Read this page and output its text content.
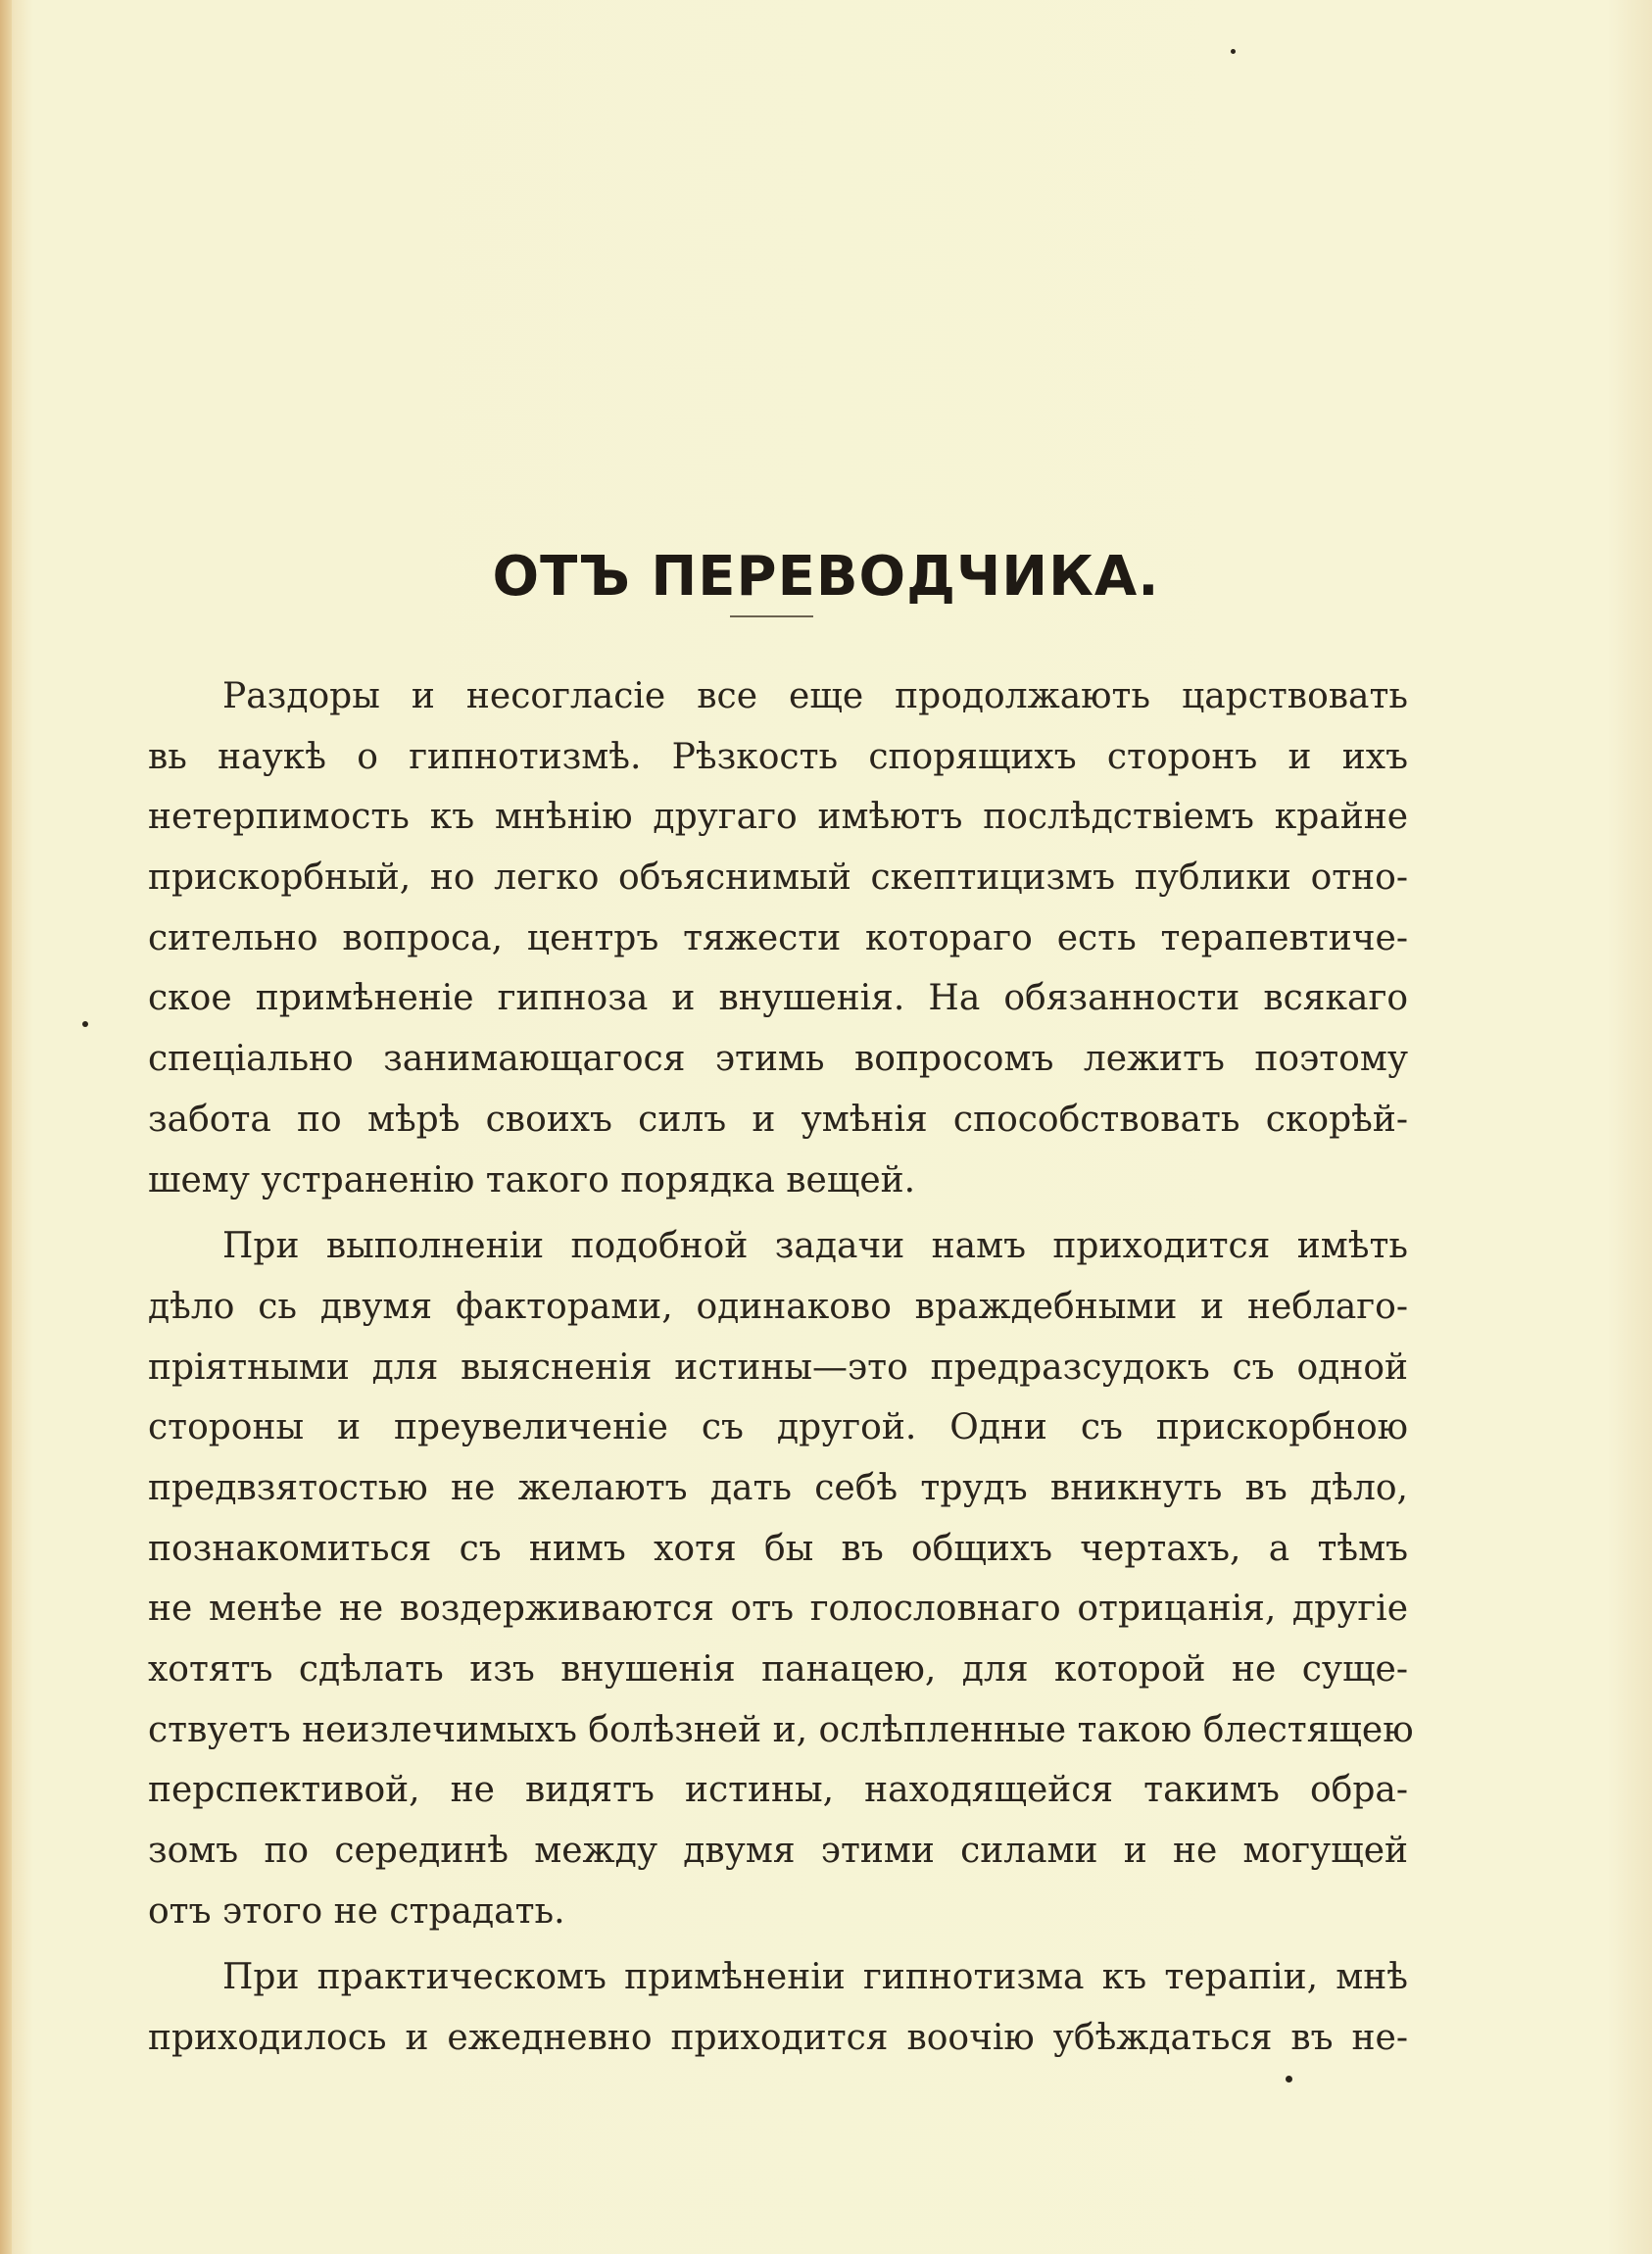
ОТЪ ПЕРЕВОДЧИКА.
Раздоры и несогласіе все еще продолжають царствовать
вь наукѣ о гипнотизмѣ. Рѣзкость спорящихъ сторонъ и ихъ
нетерпимость къ мнѣнію другаго имѣютъ послѣдствіемъ крайне
прискорбный, но легко объяснимый скептицизмъ публики отно-
сительно вопроса, центръ тяжести котораго есть терапевтиче-
ское примѣненіе гипноза и внушенія. На обязанности всякаго
спеціально занимающагося этимь вопросомъ лежитъ поэтому
забота по мѣрѣ своихъ силъ и умѣнія способствовать скорѣй-
шему устраненію такого порядка вещей.
При выполненіи подобной задачи намъ приходится имѣть
дѣло сь двумя факторами, одинаково враждебными и неблаго-
пріятными для выясненія истины—это предразсудокъ съ одной
стороны и преувеличеніе съ другой. Одни съ прискорбною
предвзятостью не желаютъ дать себѣ трудъ вникнуть въ дѣло,
познакомиться съ нимъ хотя бы въ общихъ чертахъ, а тѣмъ
не менѣе не воздерживаются отъ голословнаго отрицанія, другіе
хотятъ сдѣлать изъ внушенія панацею, для которой не суще-
ствуетъ неизлечимыхъ болѣзней и, ослѣпленные такою блестящею
перспективой, не видятъ истины, находящейся такимъ обра-
зомъ по серединѣ между двумя этими силами и не могущей
отъ этого не страдать.
При практическомъ примѣненіи гипнотизма къ терапіи, мнѣ
приходилось и ежедневно приходится воочію убѣждаться въ не-
